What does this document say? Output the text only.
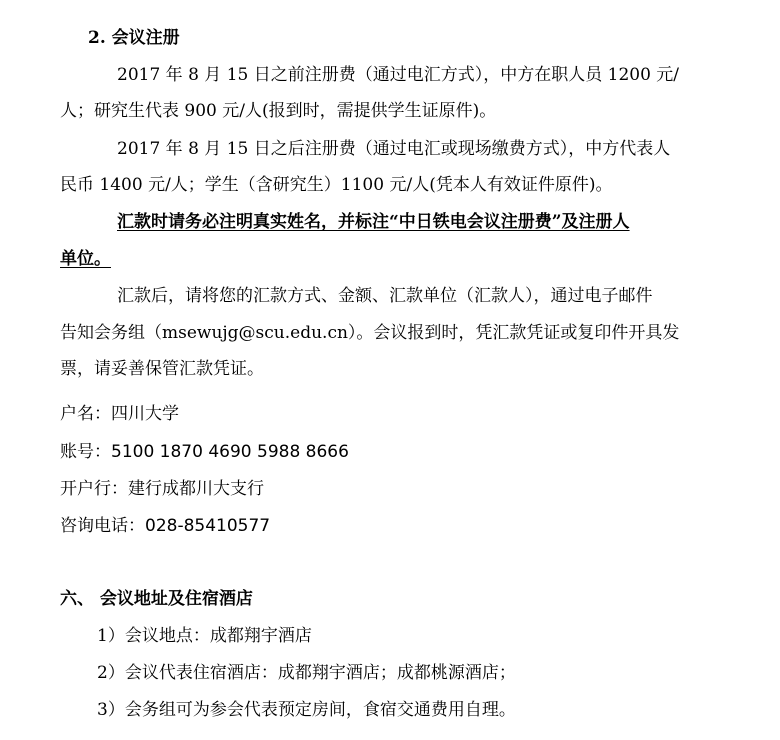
2. 会议注册
2017 年 8 月 15 日之前注册费（通过电汇方式），中方在职人员 1200 元/
人；研究生代表 900 元/人(报到时，需提供学生证原件)。
2017 年 8 月 15 日之后注册费（通过电汇或现场缴费方式），中方代表人
民币 1400 元/人；学生（含研究生）1100 元/人(凭本人有效证件原件)。
汇款时请务必注明真实姓名，并标注“中日铁电会议注册费”及注册人
单位。
汇款后，请将您的汇款方式、金额、汇款单位（汇款人），通过电子邮件
告知会务组（msewujg@scu.edu.cn）。会议报到时，凭汇款凭证或复印件开具发
票，请妥善保管汇款凭证。
户名：四川大学
账号：5100 1870 4690 5988 8666
开户行：建行成都川大支行
咨询电话：028-85410577
六、 会议地址及住宿酒店
1）会议地点：成都翔宇酒店
2）会议代表住宿酒店：成都翔宇酒店；成都桃源酒店；
3）会务组可为参会代表预定房间，食宿交通费用自理。
